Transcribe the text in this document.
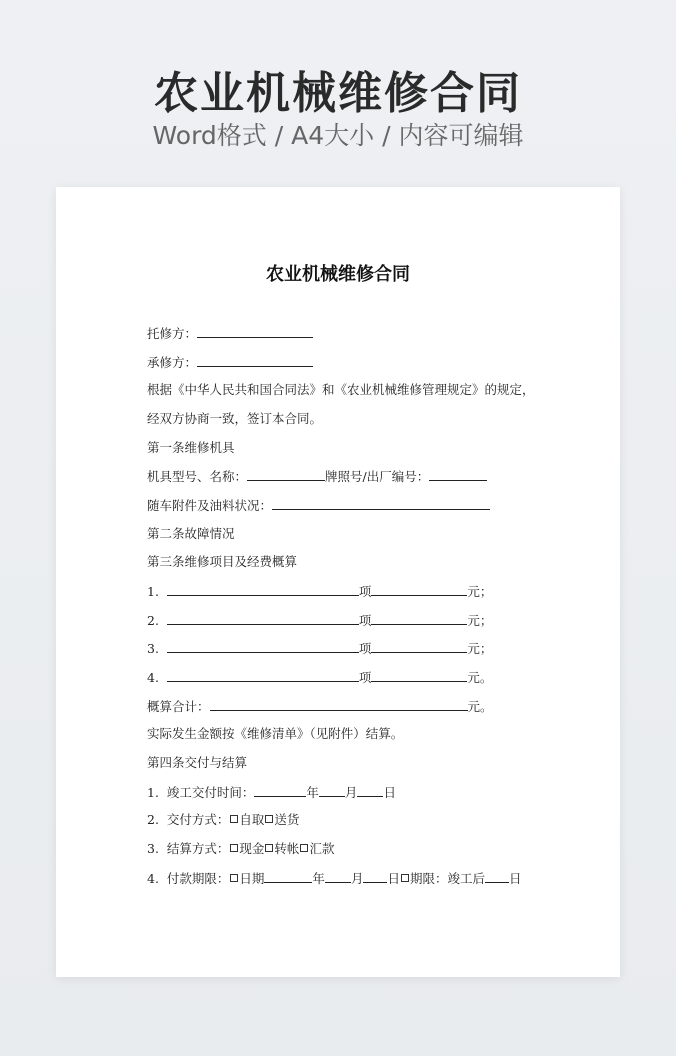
农业机械维修合同
Word格式 / A4大小 / 内容可编辑
农业机械维修合同
托修方：
承修方：
根据《中华人民共和国合同法》和《农业机械维修管理规定》的规定，
经双方协商一致，签订本合同。
第一条维修机具
机具型号、名称：	牌照号/出厂编号：
随车附件及油料状况：
第二条故障情况
第三条维修项目及经费概算
1.	项	元；
2.	项	元；
3.	项	元；
4.	项	元。
概算合计：	元。
实际发生金额按《维修清单》（见附件）结算。
第四条交付与结算
1. 竣工交付时间：	年 月 日
2. 交付方式： 自取 送货
3. 结算方式： 现金 转帐 汇款
4. 付款期限： 日期	年 月 日 期限：竣工后 日
